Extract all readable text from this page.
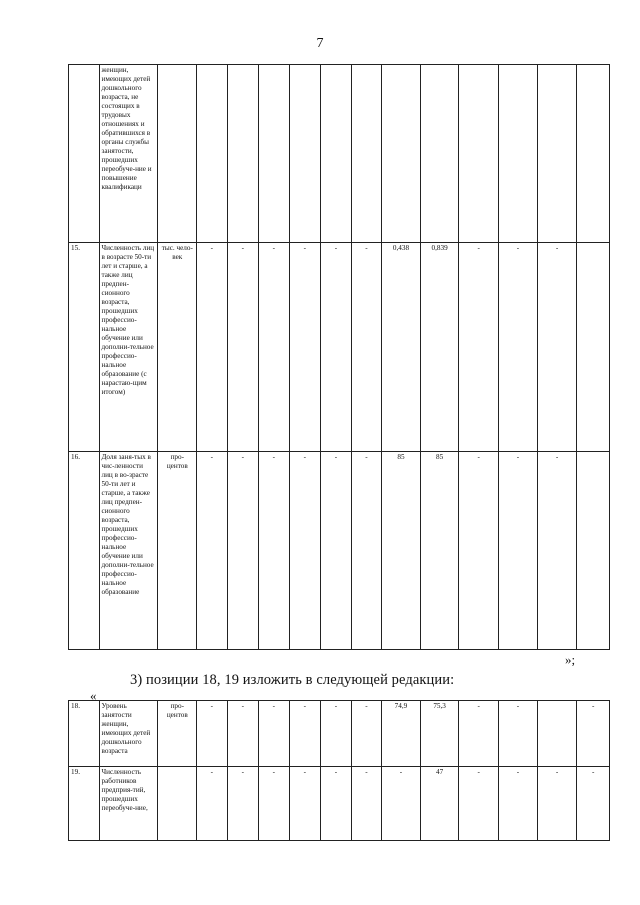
7
	женщин, имеющих детей дошкольного возраста, не состоящих в трудовых отношениях и обратившихся в органы службы занятости, прошедших переобуче-ние и повышение квалификаци													
15.	Численность лиц в возрасте 50-ти лет и старше, а также лиц предпен-сионного возраста, прошедших профессио-нальное обучение или дополни-тельное профессио-нальное образование (с нарастаю-щим итогом)	тыс. чело-век	-	-	-	-	-	-	0,438	0,839	-	-	-	
16.	Доля заня-тых в чис-ленности лиц в во-зрасте 50-ти лет и старше, а также лиц предпен-сионного возраста, прошедших профессио-нальное обучение или дополни-тельное профессио-нальное образование	про-центов	-	-	-	-	-	-	85	85	-	-	-	
»;
3) позиции 18, 19 изложить в следующей редакции:
«
18.	Уровень занятости женщин, имеющих детей дошкольного возраста	про-центов	-	-	-	-	-	-	74,9	75,3	-	-		-
19.	Численность работников предприя-тий, прошедших переобуче-ние,		-	-	-	-	-	-	-	47	-	-	-	-
